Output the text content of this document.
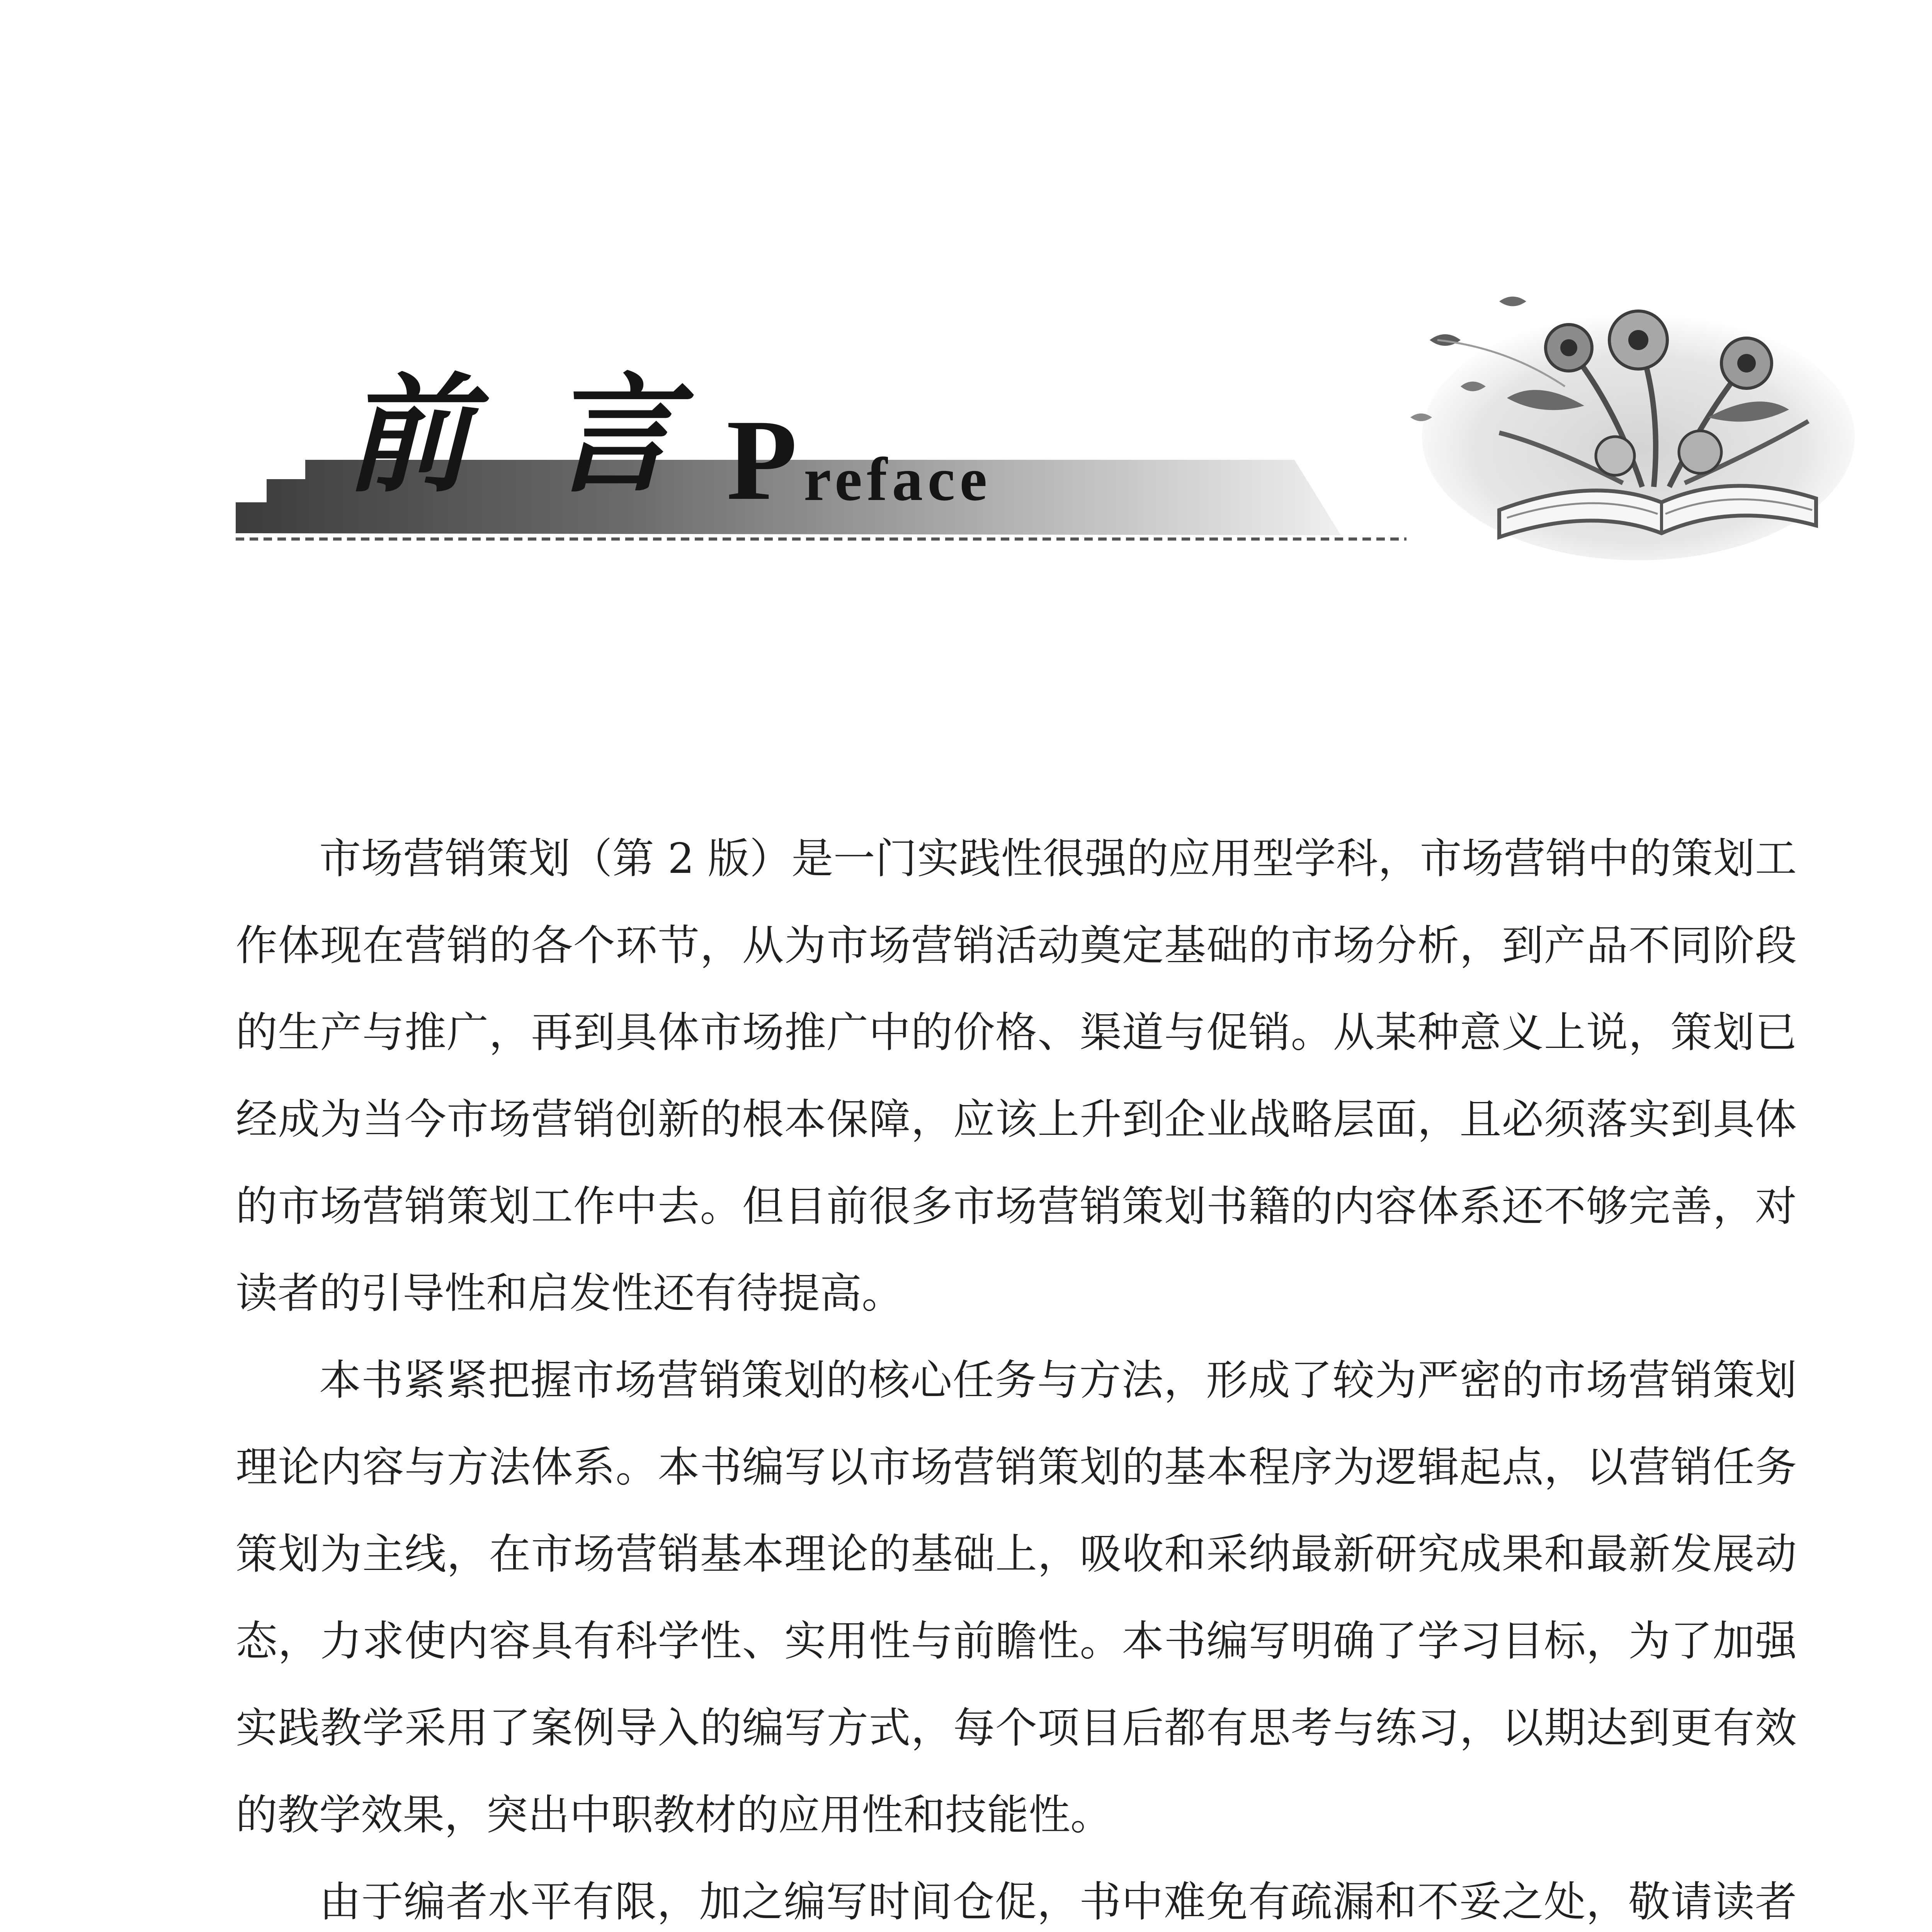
前 言 P reface

市场营销策划（第 2 版）是一门实践性很强的应用型学科，市场营销中的策划工作体现在营销的各个环节，从为市场营销活动奠定基础的市场分析，到产品不同阶段的生产与推广，再到具体市场推广中的价格、渠道与促销。从某种意义上说，策划已经成为当今市场营销创新的根本保障，应该上升到企业战略层面，且必须落实到具体的市场营销策划工作中去。但目前很多市场营销策划书籍的内容体系还不够完善，对读者的引导性和启发性还有待提高。

本书紧紧把握市场营销策划的核心任务与方法，形成了较为严密的市场营销策划理论内容与方法体系。本书编写以市场营销策划的基本程序为逻辑起点，以营销任务策划为主线，在市场营销基本理论的基础上，吸收和采纳最新研究成果和最新发展动态，力求使内容具有科学性、实用性与前瞻性。本书编写明确了学习目标，为了加强实践教学采用了案例导入的编写方式，每个项目后都有思考与练习，以期达到更有效的教学效果，突出中职教材的应用性和技能性。

由于编者水平有限，加之编写时间仓促，书中难免有疏漏和不妥之处，敬请读者
